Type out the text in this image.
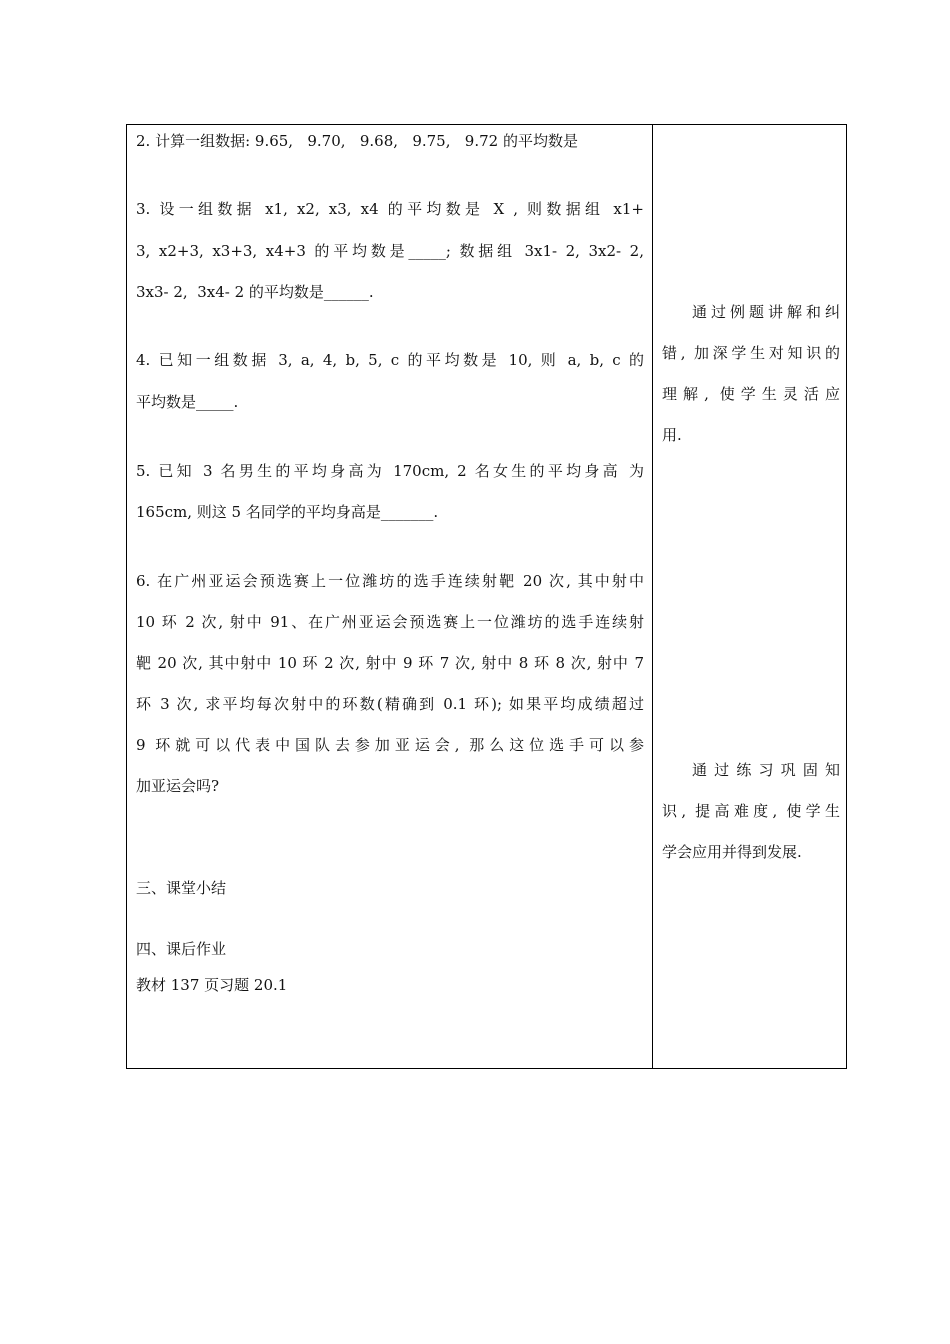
2. 计算一组数据: 9.65,   9.70,   9.68,   9.75,   9.72 的平均数是
3. 设一组数据 x1, x2, x3, x4 的平均数是 X , 则数据组 x1+
3, x2+3, x3+3, x4+3 的平均数是_____; 数据组 3x1- 2, 3x2- 2,
3x3- 2,  3x4- 2 的平均数是______.
4. 已知一组数据 3, a, 4, b, 5, c 的平均数是 10, 则 a, b, c 的
平均数是_____.
5. 已知 3 名男生的平均身高为 170cm, 2 名女生的平均身高 为
165cm, 则这 5 名同学的平均身高是_______.
6. 在广州亚运会预选赛上一位潍坊的选手连续射靶 20 次, 其中射中
10 环 2 次, 射中 91、在广州亚运会预选赛上一位潍坊的选手连续射
靶 20 次, 其中射中 10 环 2 次, 射中 9 环 7 次, 射中 8 环 8 次, 射中 7
环 3 次, 求平均每次射中的环数(精确到 0.1 环); 如果平均成绩超过
9 环就可以代表中国队去参加亚运会, 那么这位选手可以参
加亚运会吗?
三、课堂小结
四、课后作业
教材 137 页习题 20.1
通过例题讲解和纠
错, 加深学生对知识的
理解, 使学生灵活应
用.
通过练习巩固知
识, 提高难度, 使学生
学会应用并得到发展.
